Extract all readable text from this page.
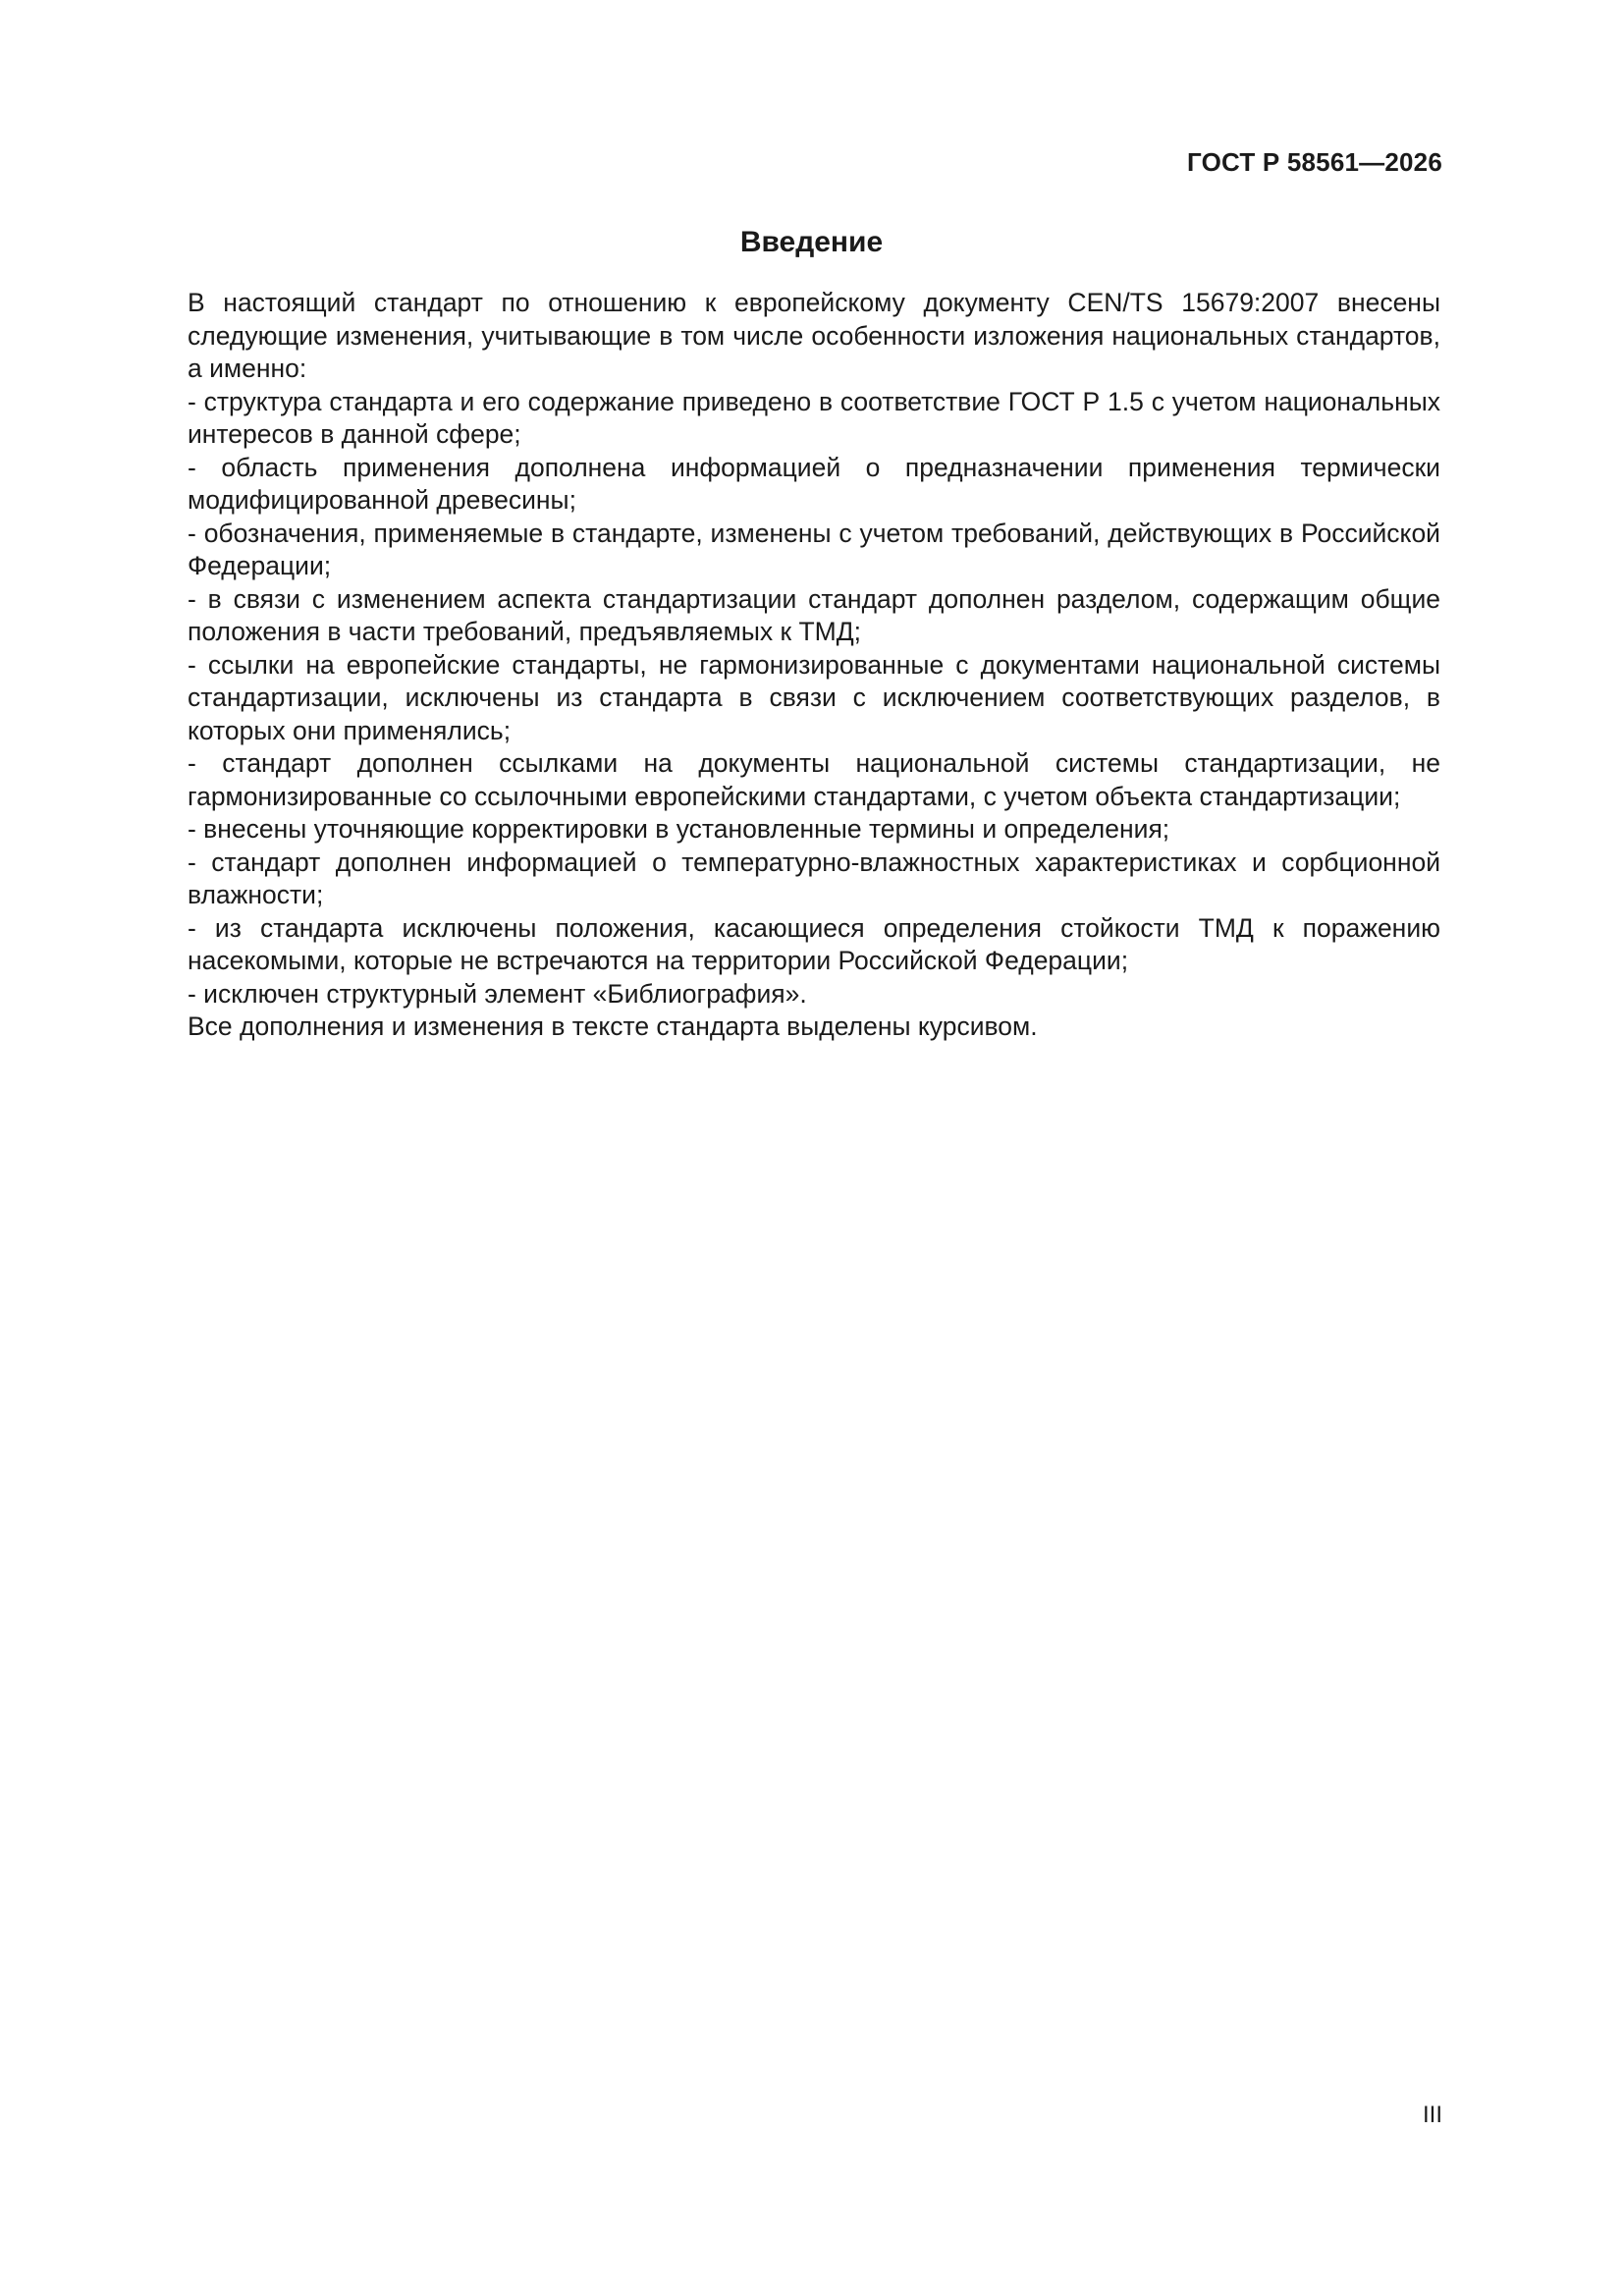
ГОСТ Р 58561—2026
Введение

В настоящий стандарт по отношению к европейскому документу CEN/TS 15679:2007 внесены следующие изменения, учитывающие в том числе особенности изложения национальных стандартов, а именно:

- структура стандарта и его содержание приведено в соответствие ГОСТ Р 1.5 с учетом национальных интересов в данной сфере;

- область применения дополнена информацией о предназначении применения термически модифицированной древесины;

- обозначения, применяемые в стандарте, изменены с учетом требований, действующих в Российской Федерации;

- в связи с изменением аспекта стандартизации стандарт дополнен разделом, содержащим общие положения в части требований, предъявляемых к ТМД;

- ссылки на европейские стандарты, не гармонизированные с документами национальной системы стандартизации, исключены из стандарта в связи с исключением соответствующих разделов, в которых они применялись;

- стандарт дополнен ссылками на документы национальной системы стандартизации, не гармонизированные со ссылочными европейскими стандартами, с учетом объекта стандартизации;

- внесены уточняющие корректировки в установленные термины и определения;

- стандарт дополнен информацией о температурно-влажностных характеристиках и сорбционной влажности;

- из стандарта исключены положения, касающиеся определения стойкости ТМД к поражению насекомыми, которые не встречаются на территории Российской Федерации;

- исключен структурный элемент «Библиография».

Все дополнения и изменения в тексте стандарта выделены курсивом.

III
